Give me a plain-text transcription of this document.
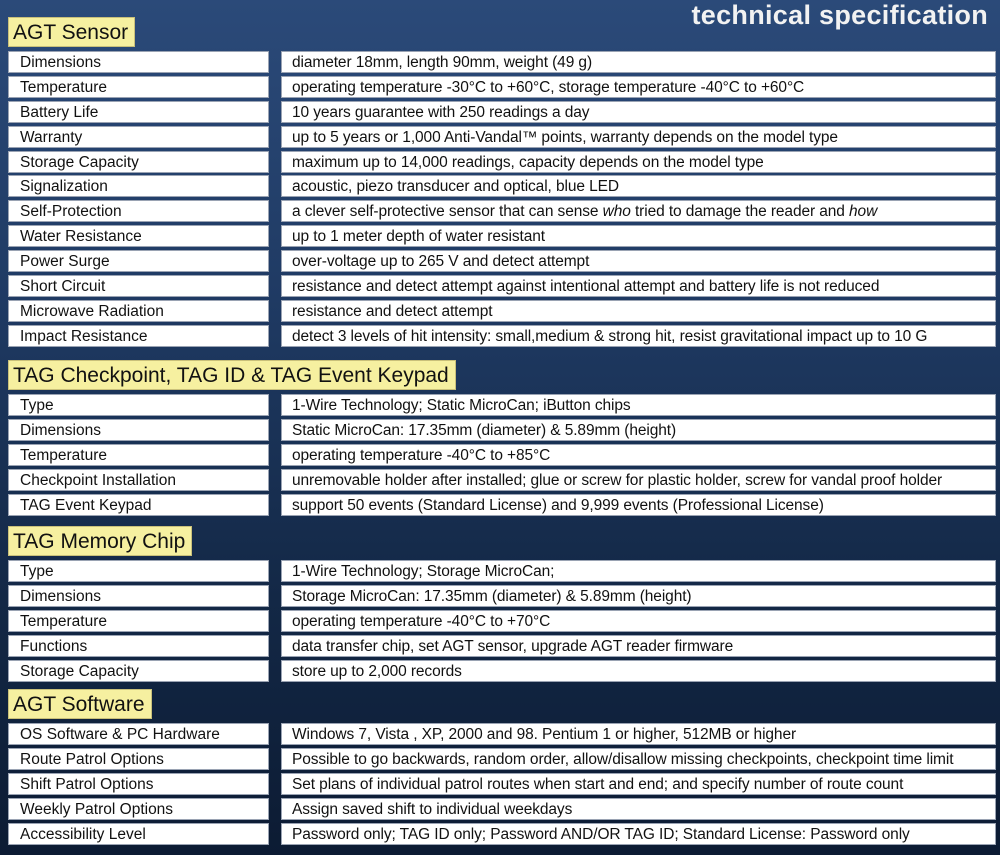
technical specification
AGT Sensor
Dimensions	diameter 18mm, length 90mm, weight (49 g)
Temperature	operating temperature -30°C to +60°C, storage temperature -40°C to +60°C
Battery Life	10 years guarantee with 250 readings a day
Warranty	up to 5 years or 1,000 Anti-Vandal™ points, warranty depends on the model type
Storage Capacity	maximum up to 14,000 readings, capacity depends on the model type
Signalization	acoustic, piezo transducer and optical, blue LED
Self-Protection	a clever self-protective sensor that can sense who tried to damage the reader and how
Water Resistance	up to 1 meter depth of water resistant
Power Surge	over-voltage up to 265 V and detect attempt
Short Circuit	resistance and detect attempt against intentional attempt and battery life is not reduced
Microwave Radiation	resistance and detect attempt
Impact Resistance	detect 3 levels of hit intensity: small,medium & strong hit, resist gravitational impact up to 10 G
TAG Checkpoint, TAG ID & TAG Event Keypad
Type	1-Wire Technology; Static MicroCan; iButton chips
Dimensions	Static MicroCan: 17.35mm (diameter) & 5.89mm (height)
Temperature	operating temperature -40°C to +85°C
Checkpoint Installation	unremovable holder after installed; glue or screw for plastic holder, screw for vandal proof holder
TAG Event Keypad	support 50 events (Standard License) and 9,999 events (Professional License)
TAG Memory Chip
Type	1-Wire Technology; Storage MicroCan;
Dimensions	Storage MicroCan: 17.35mm (diameter) & 5.89mm (height)
Temperature	operating temperature -40°C to +70°C
Functions	data transfer chip, set AGT sensor, upgrade AGT reader firmware
Storage Capacity	store up to 2,000 records
AGT Software
OS Software & PC Hardware	Windows 7, Vista , XP, 2000 and 98. Pentium 1 or higher, 512MB or higher
Route Patrol Options	Possible to go backwards, random order, allow/disallow missing checkpoints, checkpoint time limit
Shift Patrol Options	Set plans of individual patrol routes when start and end; and specify number of route count
Weekly Patrol Options	Assign saved shift to individual weekdays
Accessibility Level	Password only; TAG ID only; Password AND/OR TAG ID; Standard License: Password only
